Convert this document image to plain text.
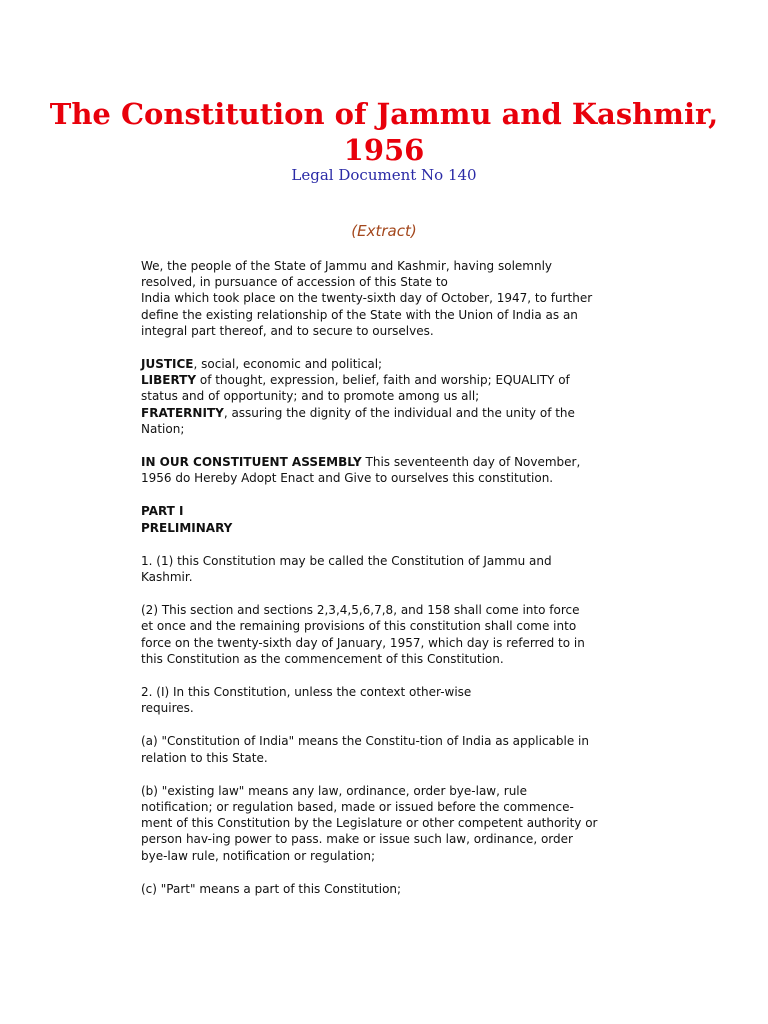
The Constitution of Jammu and Kashmir,
1956
Legal Document No 140
(Extract)
We, the people of the State of Jammu and Kashmir, having solemnly
resolved, in pursuance of accession of this State to
India which took place on the twenty-sixth day of October, 1947, to further
define the existing relationship of the State with the Union of India as an
integral part thereof, and to secure to ourselves.
JUSTICE, social, economic and political;
LIBERTY of thought, expression, belief, faith and worship; EQUALITY of
status and of opportunity; and to promote among us all;
FRATERNITY, assuring the dignity of the individual and the unity of the
Nation;
IN OUR CONSTITUENT ASSEMBLY This seventeenth day of November,
1956 do Hereby Adopt Enact and Give to ourselves this constitution.
PART I
PRELIMINARY
1. (1) this Constitution may be called the Constitution of Jammu and
Kashmir.
(2) This section and sections 2,3,4,5,6,7,8, and 158 shall come into force
et once and the remaining provisions of this constitution shall come into
force on the twenty-sixth day of January, 1957, which day is referred to in
this Constitution as the commencement of this Constitution.
2. (I) In this Constitution, unless the context other-wise
requires.
(a) "Constitution of India" means the Constitu-tion of India as applicable in
relation to this State.
(b) "existing law" means any law, ordinance, order bye-law, rule
notification; or regulation based, made or issued before the commence-
ment of this Constitution by the Legislature or other competent authority or
person hav-ing power to pass. make or issue such law, ordinance, order
bye-law rule, notification or regulation;
(c) "Part" means a part of this Constitution;
